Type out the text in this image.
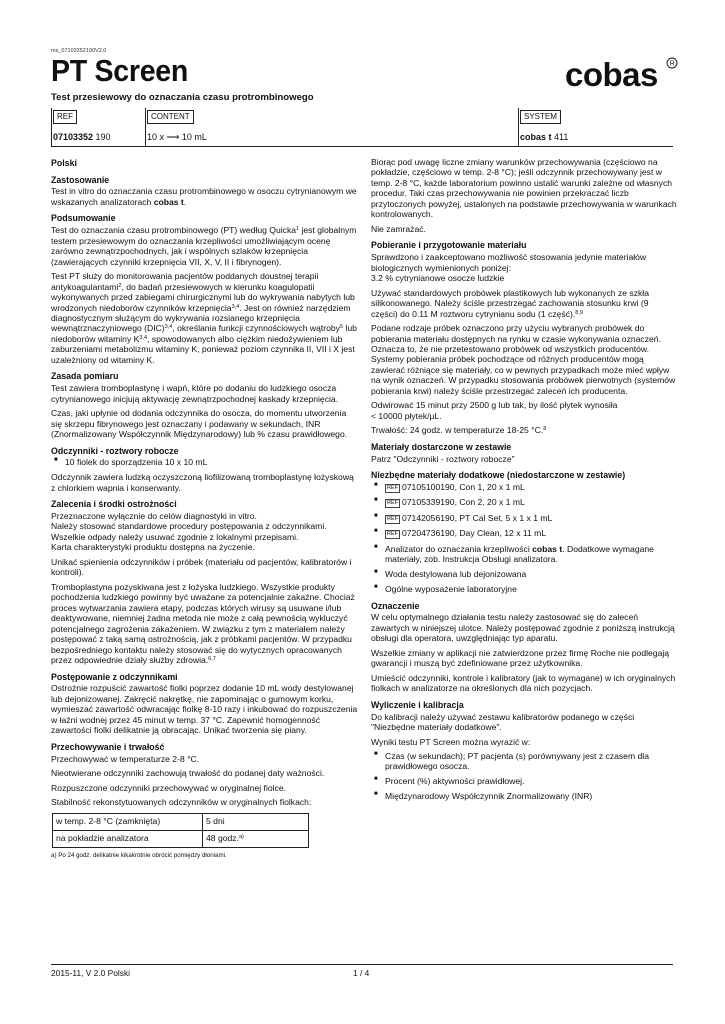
ms_07103352190V2.0
PT Screen
Test przesiewowy do oznaczania czasu protrombinowego
cobas R
REF
07103352 190
CONTENT
10 x ⟶ 10 mL
SYSTEM
cobas t 411
Polski
Zastosowanie

Test in vitro do oznaczania czasu protrombinowego w osoczu cytrynianowym we wskazanych analizatorach cobas t.

Podsumowanie

Test do oznaczania czasu protrombinowego (PT) według Quicka$^1$ jest globalnym testem przesiewowym do oznaczania krzepliwości umożliwiającym ocenę zarówno zewnątrzpochodnych, jak i wspólnych szlaków krzepnięcia (zawierających czynniki krzepnięcia VII, X, V, II i fibrynogen).

Test PT służy do monitorowania pacjentów poddanych doustnej terapii antykoagulantami$^2$, do badań przesiewowych w kierunku koagulopatii wykonywanych przed zabiegami chirurgicznymi lub do wykrywania nabytych lub wrodzonych niedoborów czynników krzepnięcia$^{3,4}$. Jest on również narzędziem diagnostycznym służącym do wykrywania rozsianego krzepnięcia wewnątrznaczyniowego (DIC)$^{3,4}$, określania funkcji czynnościowych wątroby$^5$ lub niedoborów witaminy K$^{3,4}$, spowodowanych albo ciężkim niedożywieniem lub zaburzeniami metabolizmu witaminy K, ponieważ poziom czynnika II, VII i X jest uzależniony od witaminy K.

Zasada pomiaru

Test zawiera tromboplastynę i wapń, które po dodaniu do ludzkiego osocza cytrynianowego inicjują aktywację zewnątrzpochodnej kaskady krzepnięcia.

Czas, jaki upłynie od dodania odczynnika do osocza, do momentu utworzenia się skrzepu fibrynowego jest oznaczany i podawany w sekundach, INR (Znormalizowany Współczynnik Międzynarodowy) lub % czasu prawidłowego.

Odczynniki - roztwory robocze
■ 10 fiolek do sporządzenia 10 x 10 mL

Odczynnik zawiera ludzką oczyszczoną liofilizowaną tromboplastynę łożyskową z chlorkiem wapnia i konserwanty.

Zalecenia i środki ostrożności

Przeznaczone wyłącznie do celów diagnostyki in vitro.
Należy stosować standardowe procedury postępowania z odczynnikami.
Wszelkie odpady należy usuwać zgodnie z lokalnymi przepisami.
Karta charakterystyki produktu dostępna na życzenie.

Unikać spienienia odczynników i próbek (materiału od pacjentów, kalibratorów i kontroli).

Tromboplastyna pozyskiwana jest z łożyska ludzkiego. Wszystkie produkty pochodzenia ludzkiego powinny być uważane za potencjalnie zakaźne. Chociaż proces wytwarzania zawiera etapy, podczas których wirusy są usuwane i/lub deaktywowane, niemniej żadna metoda nie może z całą pewnością wykluczyć potencjalnego zagrożenia zakażeniem. W związku z tym z materiałem należy postępować z taką samą ostrożnością, jak z próbkami pacjentów. W przypadku bezpośredniego kontaktu należy stosować się do wytycznych opracowanych przez odpowiednie działy służby zdrowia.$^{6,7}$

Postępowanie z odczynnikami

Ostrożnie rozpuścić zawartość fiolki poprzez dodanie 10 mL wody destylowanej lub dejonizowanej. Zakręcić nakrętkę, nie zapominając o gumowym korku, wymieszać zawartość odwracając fiolkę 8-10 razy i inkubować do rozpuszczenia w łaźni wodnej przez 45 minut w temp. 37 °C. Zapewnić homogenność zawartości fiolki delikatnie ją obracając. Unikać tworzenia się piany.

Przechowywanie i trwałość

Przechowywać w temperaturze 2-8 °C.

Nieotwierane odczynniki zachowują trwałość do podanej daty ważności.

Rozpuszczone odczynniki przechowywać w oryginalnej fiolce.

Stabilność rekonstytuowanych odczynników w oryginalnych fiolkach:

w temp. 2-8 °C (zamknięta)	5 dni
na pokładzie analizatora	48 godz.$^{a)}$
a) Po 24 godz. delikatnie kikakrotnie obrócić pomiędzy dłoniami.

Biorąc pod uwagę liczne zmiany warunków przechowywania (częściowo na pokładzie, częściowo w temp. 2-8 °C); jeśli odczynnik przechowywany jest w temp. 2-8 °C, każde laboratorium powinno ustalić warunki zależne od własnych procedur. Taki czas przechowywania nie powinien przekraczać liczb przytoczonych powyżej, ustalonych na podstawie przechowywania w warunkach kontrolowanych.

Nie zamrażać.

Pobieranie i przygotowanie materiału

Sprawdzono i zaakceptowano możliwość stosowania jedynie materiałów biologicznych wymienionych poniżej:
3.2 % cytrynianowe osocze ludzkie

Używać standardowych probówek plastikowych lub wykonanych ze szkła silikonowanego. Należy ściśle przestrzegać zachowania stosunku krwi (9 części) do 0.11 M roztworu cytrynianu sodu (1 część).$^{8,9}$

Podane rodzaje próbek oznaczono przy użyciu wybranych probówek do pobierania materiału dostępnych na rynku w czasie wykonywania oznaczeń. Oznacza to, że nie przetestowano probówek od wszystkich producentów. Systemy pobierania próbek pochodzące od różnych producentów mogą zawierać różniące się materiały, co w pewnych przypadkach może mieć wpływ na wynik oznaczeń. W przypadku stosowania probówek pierwotnych (systemów pobierania krwi) należy ściśle przestrzegać zaleceń ich producenta.

Odwirować 15 minut przy 2500 g lub tak, by ilość płytek wynosiła
< 10000 płytek/µL.

Trwałość: 24 godz. w temperaturze 18-25 °C.$^8$

Materiały dostarczone w zestawie

Patrz "Odczynniki - roztwory robocze"

Niezbędne materiały dodatkowe (niedostarczone w zestawie)
■ REF 07105100190, Con 1, 20 x 1 mL
■ REF 07105339190, Con 2, 20 x 1 mL
■ REF 07142056190, PT Cal Set, 5 x 1 x 1 mL
■ REF 07204736190, Day Clean, 12 x 11 mL
■ Analizator do oznaczania krzepliwości cobas t. Dodatkowe wymagane materiały, zob. Instrukcja Obsługi analizatora.
■ Woda destylowana lub dejonizowana
■ Ogólne wyposażenie laboratoryjne
Oznaczenie

W celu optymalnego działania testu należy zastosować się do zaleceń zawartych w niniejszej ulotce. Należy postępować zgodnie z poniższą instrukcją obsługi dla operatora, uwzględniając typ aparatu.

Wszelkie zmiany w aplikacji nie zatwierdzone przez firmę Roche nie podlegają gwarancji i muszą być zdefiniowane przez użytkownika.

Umieścić odczynniki, kontrole i kalibratory (jak to wymagane) w ich oryginalnych fiolkach w analizatorze na określonych dla nich pozycjach.

Wyliczenie i kalibracja

Do kalibracji należy używać zestawu kalibratorów podanego w części "Niezbędne materiały dodatkowe".

Wyniki testu PT Screen można wyrazić w:

■ Czas (w sekundach); PT pacjenta (s) porównywany jest z czasem dla prawidłowego osocza.
■ Procent (%) aktywności prawidłowej.
■ Międzynarodowy Współczynnik Znormalizowany (INR)
2015-11, V 2.0 Polski	1 / 4
